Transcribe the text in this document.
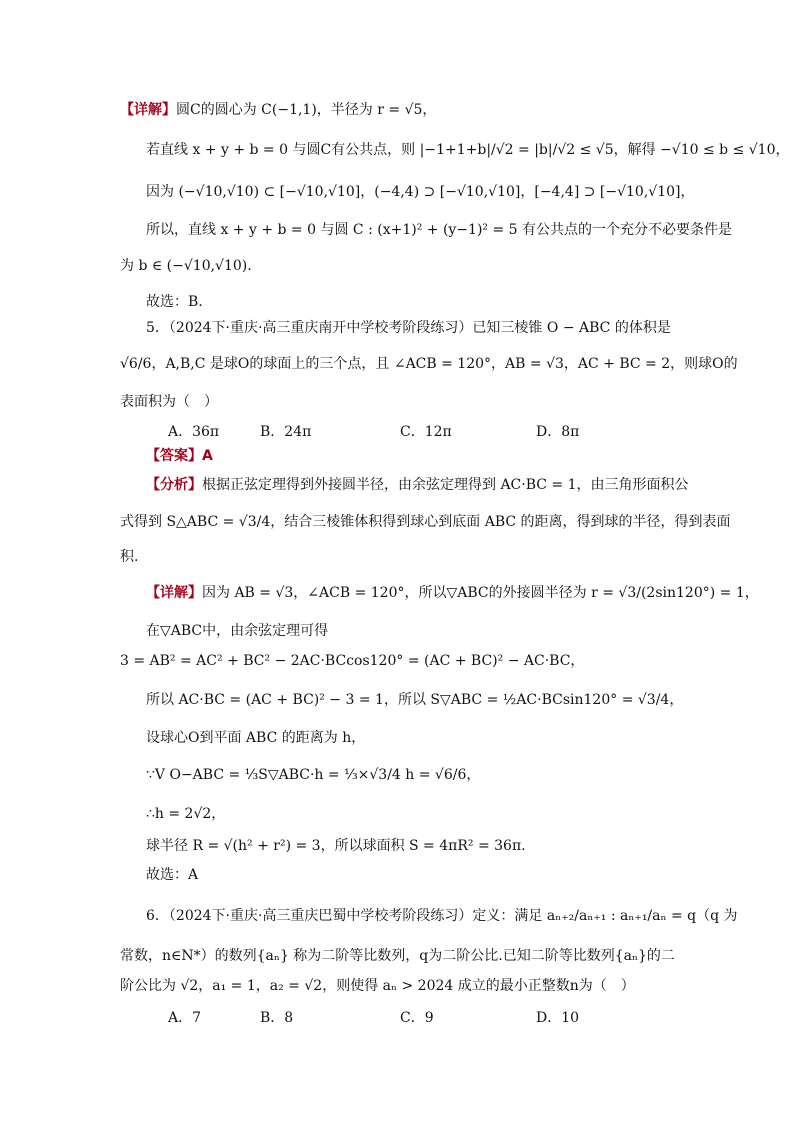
【详解】圆C的圆心为 C(−1,1)，半径为 r = √5，
若直线 x + y + b = 0 与圆C有公共点，则 |−1+1+b|/√2 = |b|/√2 ≤ √5，解得 −√10 ≤ b ≤ √10，
因为 (−√10,√10) ⊂ [−√10,√10]，(−4,4) ⊃ [−√10,√10]，[−4,4] ⊃ [−√10,√10]，
所以，直线 x + y + b = 0 与圆 C : (x+1)² + (y−1)² = 5 有公共点的一个充分不必要条件是
为 b ∈ (−√10,√10).
故选：B.
5．（2024下·重庆·高三重庆南开中学校考阶段练习）已知三棱锥 O − ABC 的体积是
√6/6，A,B,C 是球O的球面上的三个点，且 ∠ACB = 120°，AB = √3，AC + BC = 2，则球O的
表面积为（　）
A．36π	B．24π	C．12π	D．8π
【答案】A
【分析】根据正弦定理得到外接圆半径，由余弦定理得到 AC·BC = 1，由三角形面积公
式得到 S△ABC = √3/4，结合三棱锥体积得到球心到底面 ABC 的距离，得到球的半径，得到表面
积.
【详解】因为 AB = √3，∠ACB = 120°，所以▽ABC的外接圆半径为 r = √3/(2sin120°) = 1，
在▽ABC中，由余弦定理可得
3 = AB² = AC² + BC² − 2AC·BCcos120° = (AC + BC)² − AC·BC，
所以 AC·BC = (AC + BC)² − 3 = 1，所以 S▽ABC = ½AC·BCsin120° = √3/4，
设球心O到平面 ABC 的距离为 h，
∵V O−ABC = ⅓S▽ABC·h = ⅓×√3/4 h = √6/6，
∴h = 2√2，
球半径 R = √(h² + r²) = 3，所以球面积 S = 4πR² = 36π.
故选：A
6．（2024下·重庆·高三重庆巴蜀中学校考阶段练习）定义：满足 aₙ₊₂/aₙ₊₁ : aₙ₊₁/aₙ = q（q 为
常数，n∈N*）的数列{aₙ} 称为二阶等比数列，q为二阶公比.已知二阶等比数列{aₙ}的二
阶公比为 √2，a₁ = 1，a₂ = √2，则使得 aₙ > 2024 成立的最小正整数n为（　）
A．7	B．8	C．9	D．10
